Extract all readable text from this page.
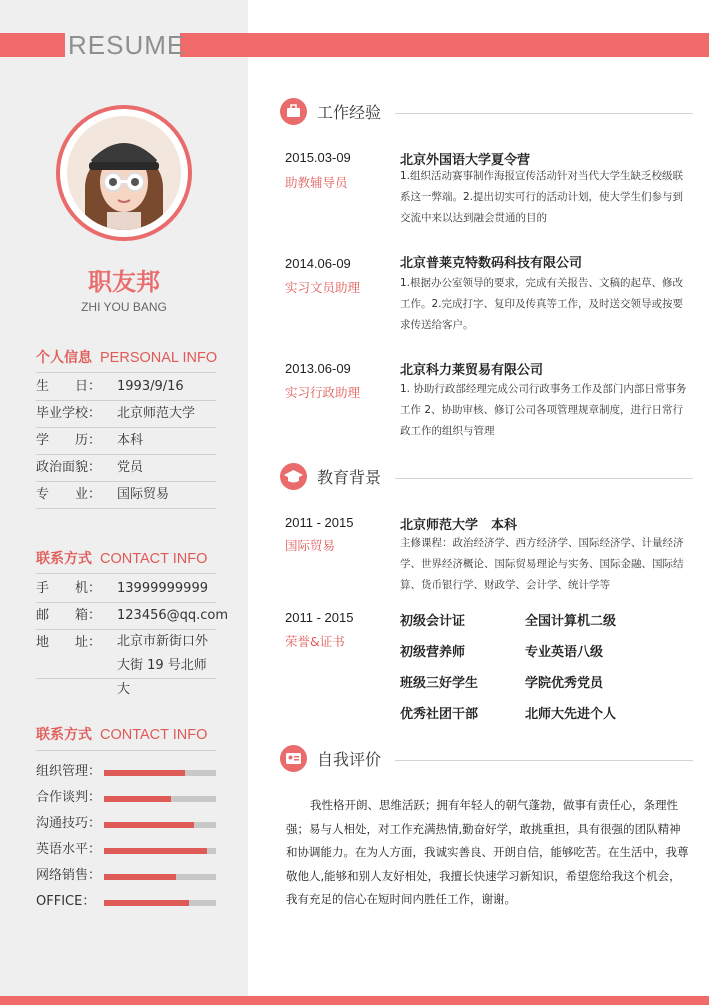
RESUME
职友邦
ZHI YOU BANG
个人信息 PERSONAL INFO
生　　日：	1993/9/16
毕业学校：	北京师范大学
学　　历：	本科
政治面貌：	党员
专　　业：	国际贸易
联系方式 CONTACT INFO
手　　机：	13999999999
邮　　箱：	123456@qq.com
地　　址：	北京市新街口外大街 19 号北师大
联系方式 CONTACT INFO
组织管理：
合作谈判：
沟通技巧：
英语水平：
网络销售：
OFFICE：
工作经验
2015.03-09
助教辅导员
北京外国语大学夏令营
1.组织活动赛事制作海报宣传活动针对当代大学生缺乏校级联系这一弊端。2.提出切实可行的活动计划，使大学生们参与到交流中来以达到融会贯通的目的
2014.06-09
实习文员助理
北京普莱克特数码科技有限公司
1.根据办公室领导的要求，完成有关报告、文稿的起草、修改工作。2.完成打字、复印及传真等工作，及时送交领导或按要求传送给客户。
2013.06-09
实习行政助理
北京科力莱贸易有限公司
1. 协助行政部经理完成公司行政事务工作及部门内部日常事务工作 2、协助审核、修订公司各项管理规章制度，进行日常行政工作的组织与管理
教育背景
2011 - 2015
国际贸易
北京师范大学　本科
主修课程：政治经济学、西方经济学、国际经济学、计量经济学、世界经济概论、国际贸易理论与实务、国际金融、国际结算、货币银行学、财政学、会计学、统计学等
2011 - 2015
荣誉&证书
初级会计证	全国计算机二级
初级营养师	专业英语八级
班级三好学生	学院优秀党员
优秀社团干部	北师大先进个人
自我评价
我性格开朗、思维活跃；拥有年轻人的朝气蓬勃，做事有责任心，条理性强；易与人相处，对工作充满热情,勤奋好学，敢挑重担，具有很强的团队精神和协调能力。在为人方面，我诚实善良、开朗自信，能够吃苦。在生活中，我尊敬他人,能够和别人友好相处，我擅长快速学习新知识，希望您给我这个机会，我有充足的信心在短时间内胜任工作，谢谢。
